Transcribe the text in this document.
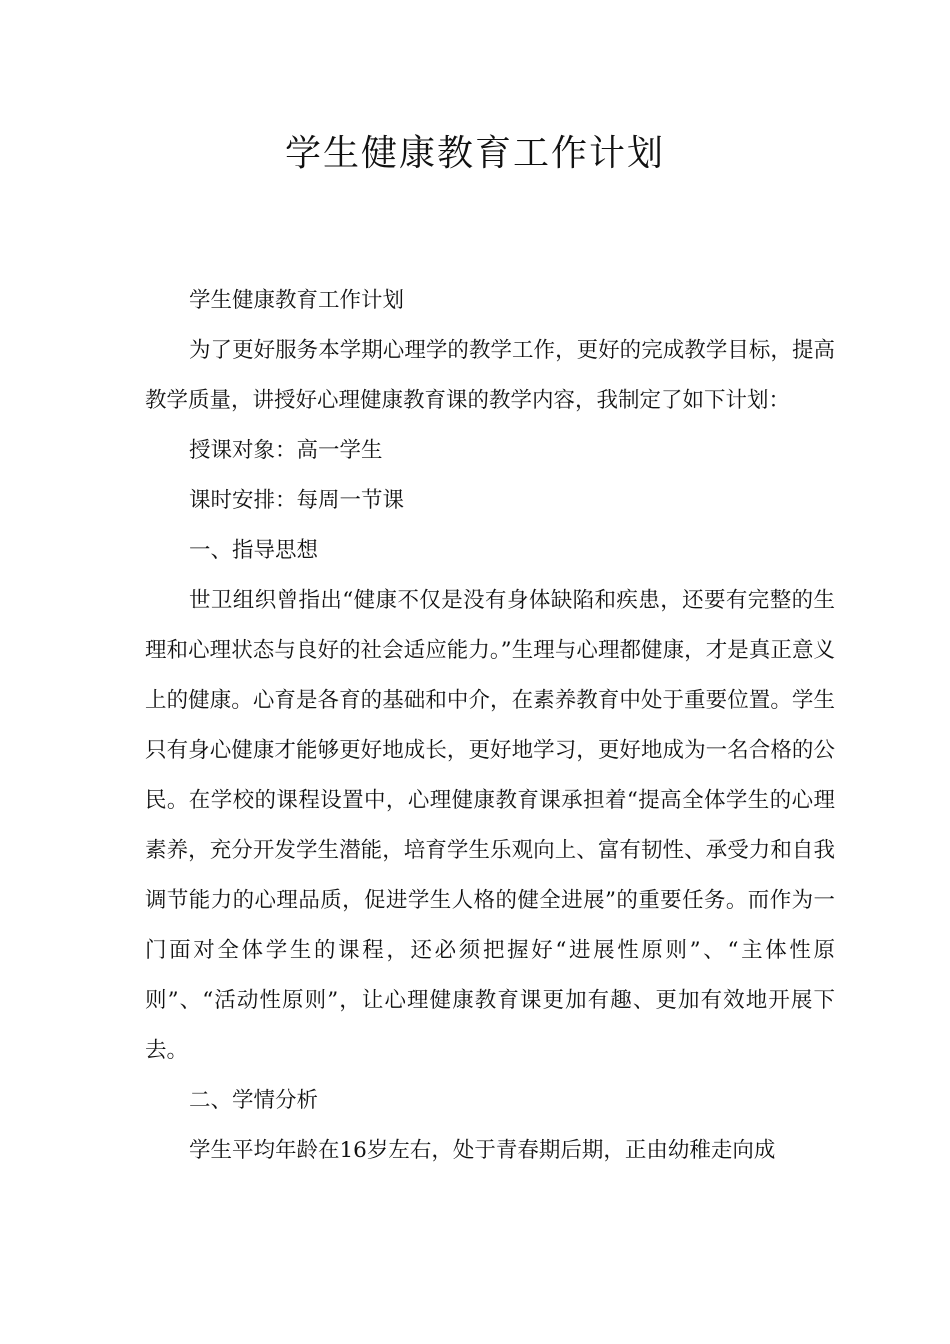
学生健康教育工作计划

学生健康教育工作计划

为了更好服务本学期心理学的教学工作，更好的完成教学目标，提高教学质量，讲授好心理健康教育课的教学内容，我制定了如下计划：

授课对象：高一学生

课时安排：每周一节课

一、指导思想

世卫组织曾指出“健康不仅是没有身体缺陷和疾患，还要有完整的生理和心理状态与良好的社会适应能力。”生理与心理都健康，才是真正意义上的健康。心育是各育的基础和中介，在素养教育中处于重要位置。学生只有身心健康才能够更好地成长，更好地学习，更好地成为一名合格的公民。在学校的课程设置中，心理健康教育课承担着“提高全体学生的心理素养，充分开发学生潜能，培育学生乐观向上、富有韧性、承受力和自我调节能力的心理品质，促进学生人格的健全进展”的重要任务。而作为一门面对全体学生的课程，还必须把握好“进展性原则”、“主体性原则”、“活动性原则”，让心理健康教育课更加有趣、更加有效地开展下去。

二、学情分析

学生平均年龄在16岁左右，处于青春期后期，正由幼稚走向成
